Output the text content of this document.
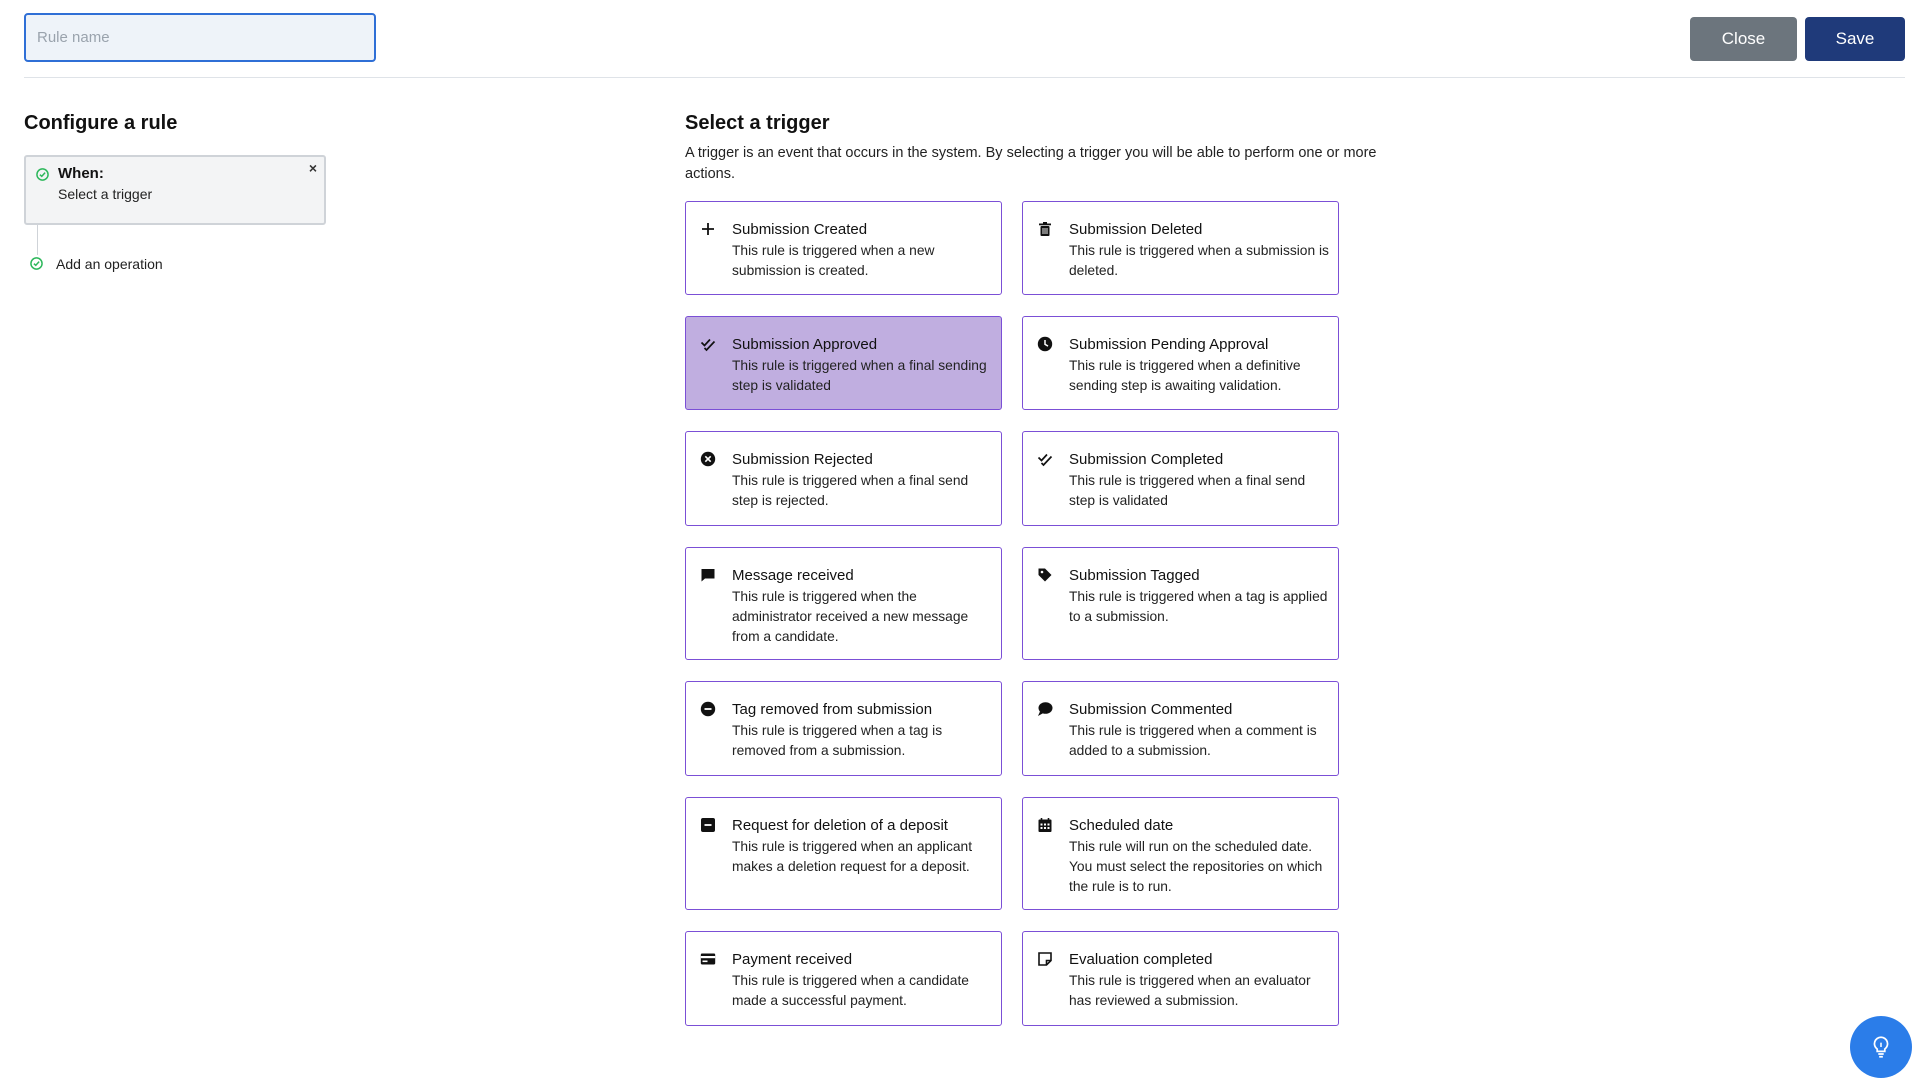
Rule name
Close	Save
Configure a rule
When:
Select a trigger
×
Add an operation
Select a trigger
A trigger is an event that occurs in the system. By selecting a trigger you will be able to perform one or more actions.
Submission Created
This rule is triggered when a new submission is created.
Submission Deleted
This rule is triggered when a submission is deleted.
Submission Approved
This rule is triggered when a final sending step is validated
Submission Pending Approval
This rule is triggered when a definitive sending step is awaiting validation.
Submission Rejected
This rule is triggered when a final send step is rejected.
Submission Completed
This rule is triggered when a final send step is validated
Message received
This rule is triggered when the administrator received a new message from a candidate.
Submission Tagged
This rule is triggered when a tag is applied to a submission.
Tag removed from submission
This rule is triggered when a tag is removed from a submission.
Submission Commented
This rule is triggered when a comment is added to a submission.
Request for deletion of a deposit
This rule is triggered when an applicant makes a deletion request for a deposit.
Scheduled date
This rule will run on the scheduled date. You must select the repositories on which the rule is to run.
Payment received
This rule is triggered when a candidate made a successful payment.
Evaluation completed
This rule is triggered when an evaluator has reviewed a submission.
